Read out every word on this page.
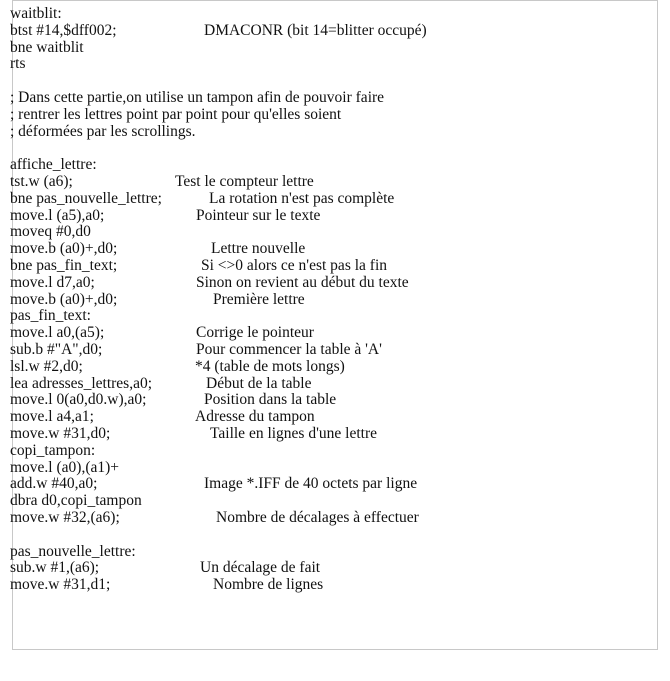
waitblit:
btst #14,$dff002;	DMACONR (bit 14=blitter occupé)
bne waitblit
rts
; Dans cette partie,on utilise un tampon afin de pouvoir faire
; rentrer les lettres point par point pour qu'elles soient
; déformées par les scrollings.
affiche_lettre:
tst.w (a6);	Test le compteur lettre
bne pas_nouvelle_lettre;	La rotation n'est pas complète
move.l (a5),a0;	Pointeur sur le texte
moveq #0,d0
move.b (a0)+,d0;	Lettre nouvelle
bne pas_fin_text;	Si <>0 alors ce n'est pas la fin
move.l d7,a0;	Sinon on revient au début du texte
move.b (a0)+,d0;	Première lettre
pas_fin_text:
move.l a0,(a5);	Corrige le pointeur
sub.b #"A",d0;	Pour commencer la table à 'A'
lsl.w #2,d0;	*4 (table de mots longs)
lea adresses_lettres,a0;	Début de la table
move.l 0(a0,d0.w),a0;	Position dans la table
move.l a4,a1;	Adresse du tampon
move.w #31,d0;	Taille en lignes d'une lettre
copi_tampon:
move.l (a0),(a1)+
add.w #40,a0;	Image *.IFF de 40 octets par ligne
dbra d0,copi_tampon
move.w #32,(a6);	Nombre de décalages à effectuer
pas_nouvelle_lettre:
sub.w #1,(a6);	Un décalage de fait
move.w #31,d1;	Nombre de lignes
